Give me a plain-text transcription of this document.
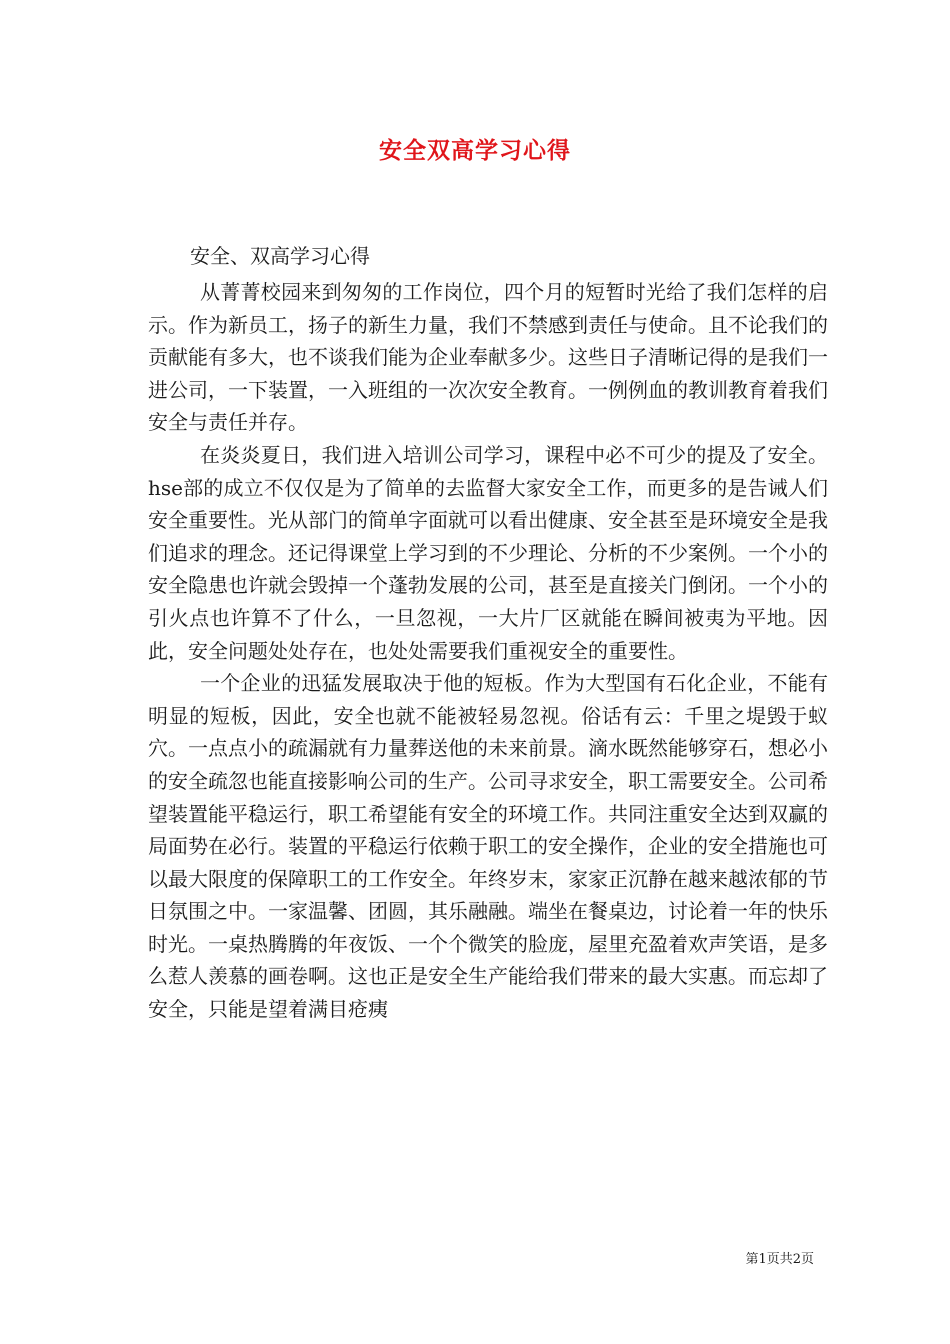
安全双高学习心得
安全、双高学习心得

从菁菁校园来到匆匆的工作岗位，四个月的短暂时光给了我们怎样的启示。作为新员工，扬子的新生力量，我们不禁感到责任与使命。且不论我们的贡献能有多大，也不谈我们能为企业奉献多少。这些日子清晰记得的是我们一进公司，一下装置，一入班组的一次次安全教育。一例例血的教训教育着我们安全与责任并存。

在炎炎夏日，我们进入培训公司学习，课程中必不可少的提及了安全。hse部的成立不仅仅是为了简单的去监督大家安全工作，而更多的是告诫人们安全重要性。光从部门的简单字面就可以看出健康、安全甚至是环境安全是我们追求的理念。还记得课堂上学习到的不少理论、分析的不少案例。一个小的安全隐患也许就会毁掉一个蓬勃发展的公司，甚至是直接关门倒闭。一个小的引火点也许算不了什么，一旦忽视，一大片厂区就能在瞬间被夷为平地。因此，安全问题处处存在，也处处需要我们重视安全的重要性。

一个企业的迅猛发展取决于他的短板。作为大型国有石化企业，不能有明显的短板，因此，安全也就不能被轻易忽视。俗话有云：千里之堤毁于蚁穴。一点点小的疏漏就有力量葬送他的未来前景。滴水既然能够穿石，想必小的安全疏忽也能直接影响公司的生产。公司寻求安全，职工需要安全。公司希望装置能平稳运行，职工希望能有安全的环境工作。共同注重安全达到双赢的局面势在必行。装置的平稳运行依赖于职工的安全操作，企业的安全措施也可以最大限度的保障职工的工作安全。年终岁末，家家正沉静在越来越浓郁的节日氛围之中。一家温馨、团圆，其乐融融。端坐在餐桌边，讨论着一年的快乐时光。一桌热腾腾的年夜饭、一个个微笑的脸庞，屋里充盈着欢声笑语，是多么惹人羡慕的画卷啊。这也正是安全生产能给我们带来的最大实惠。而忘却了安全，只能是望着满目疮痍

第1页共2页
